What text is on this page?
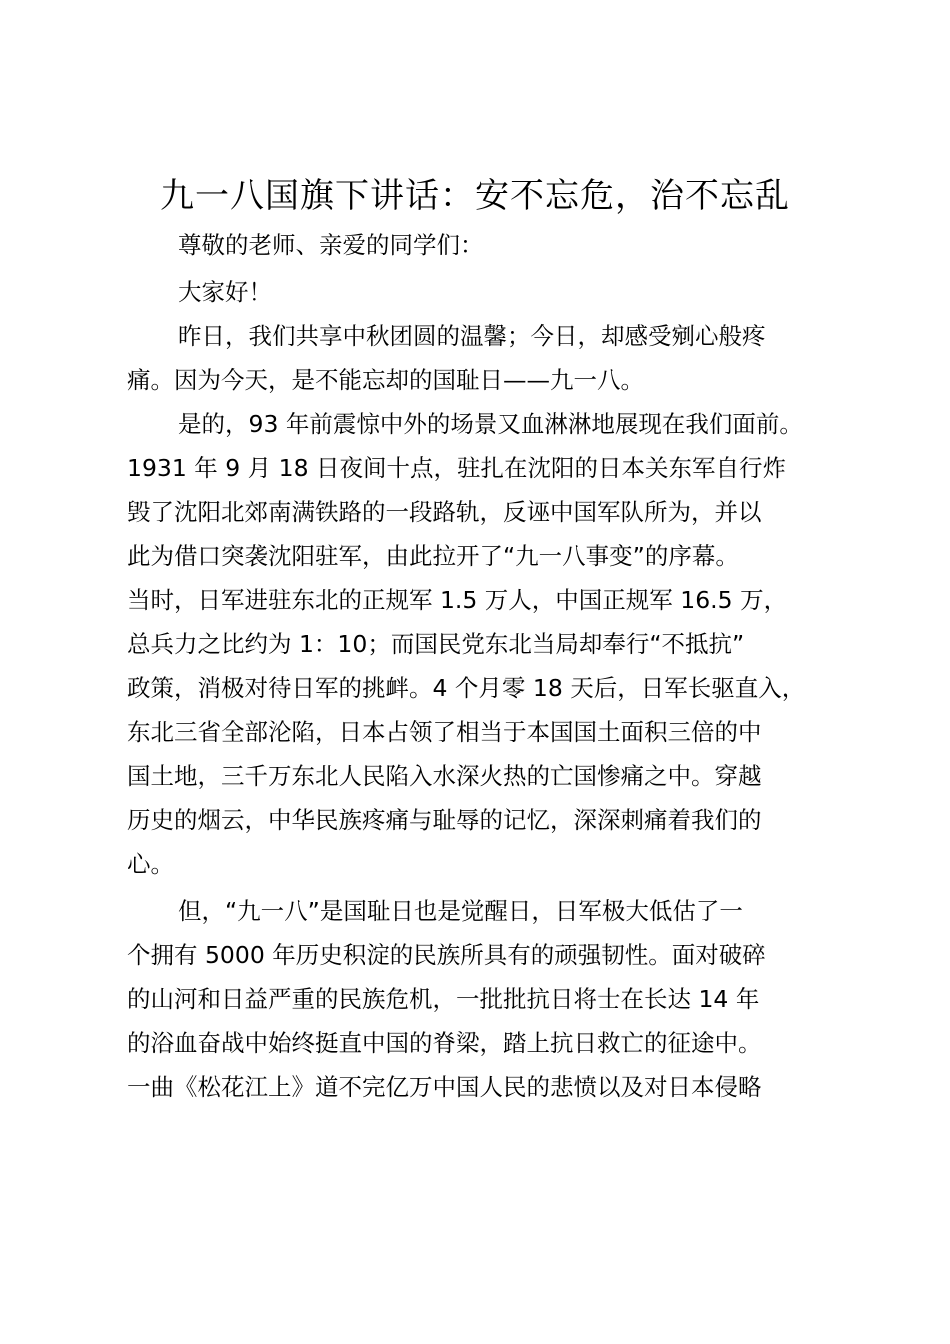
九一八国旗下讲话：安不忘危，治不忘乱

尊敬的老师、亲爱的同学们：

大家好！

昨日，我们共享中秋团圆的温馨；今日，却感受剜心般疼

痛。因为今天，是不能忘却的国耻日——九一八。

是的，93 年前震惊中外的场景又血淋淋地展现在我们面前。

1931 年 9 月 18 日夜间十点，驻扎在沈阳的日本关东军自行炸

毁了沈阳北郊南满铁路的一段路轨，反诬中国军队所为，并以

此为借口突袭沈阳驻军，由此拉开了“九一八事变”的序幕。

当时，日军进驻东北的正规军 1.5 万人，中国正规军 16.5 万，

总兵力之比约为 1：10；而国民党东北当局却奉行“不抵抗”

政策，消极对待日军的挑衅。4 个月零 18 天后，日军长驱直入，

东北三省全部沦陷，日本占领了相当于本国国土面积三倍的中

国土地，三千万东北人民陷入水深火热的亡国惨痛之中。穿越

历史的烟云，中华民族疼痛与耻辱的记忆，深深刺痛着我们的

心。

但，“九一八”是国耻日也是觉醒日，日军极大低估了一

个拥有 5000 年历史积淀的民族所具有的顽强韧性。面对破碎

的山河和日益严重的民族危机，一批批抗日将士在长达 14 年

的浴血奋战中始终挺直中国的脊梁，踏上抗日救亡的征途中。

一曲《松花江上》道不完亿万中国人民的悲愤以及对日本侵略
